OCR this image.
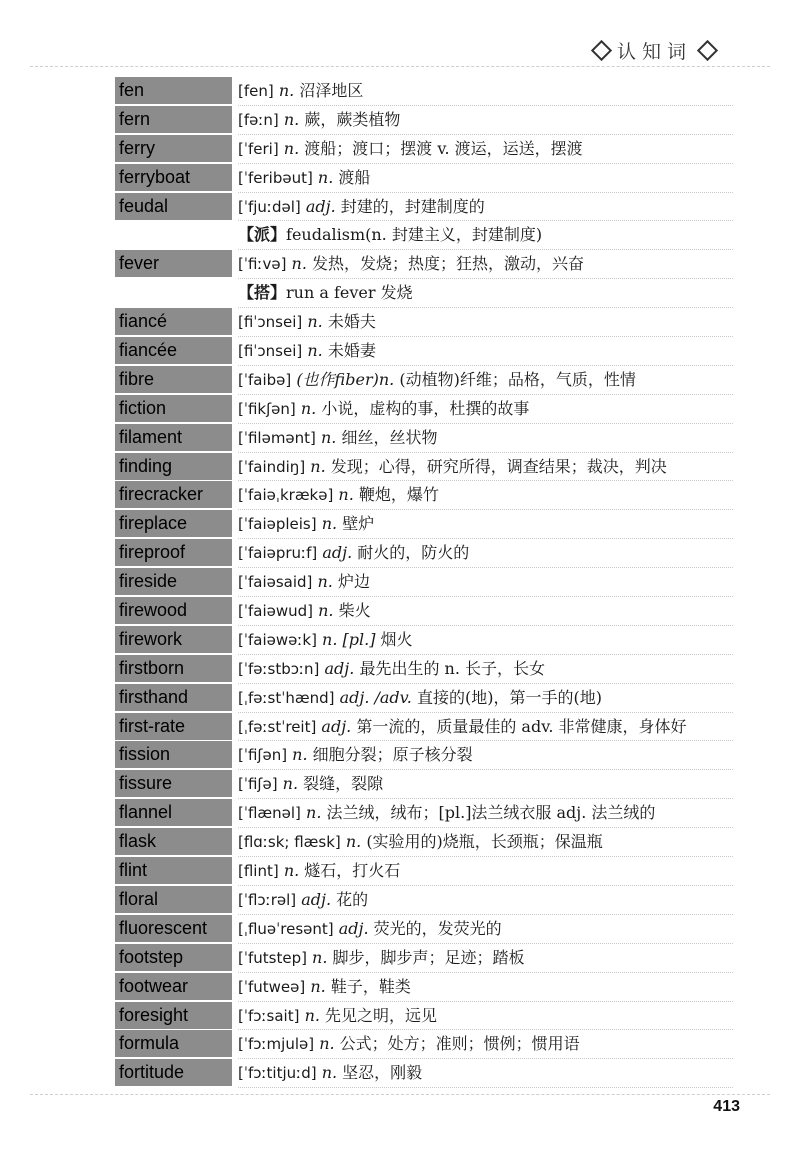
认知词
fen	[fen] n. 沼泽地区
fern	[fəːn] n. 蕨，蕨类植物
ferry	[ˈferi] n. 渡船；渡口；摆渡 v. 渡运，运送，摆渡
ferryboat	[ˈferibəut] n. 渡船
feudal	[ˈfjuːdəl] adj. 封建的，封建制度的
【派】feudalism(n. 封建主义，封建制度)
fever	[ˈfiːvə] n. 发热，发烧；热度；狂热，激动，兴奋
【搭】run a fever 发烧
fiancé	[fiˈɔnsei] n. 未婚夫
fiancée	[fiˈɔnsei] n. 未婚妻
fibre	[ˈfaibə] (也作fiber)n. (动植物)纤维；品格，气质，性情
fiction	[ˈfikʃən] n. 小说，虚构的事，杜撰的故事
filament	[ˈfiləmənt] n. 细丝，丝状物
finding	[ˈfaindiŋ] n. 发现；心得，研究所得，调查结果；裁决，判决
firecracker	[ˈfaiəˌkrækə] n. 鞭炮，爆竹
fireplace	[ˈfaiəpleis] n. 壁炉
fireproof	[ˈfaiəpruːf] adj. 耐火的，防火的
fireside	[ˈfaiəsaid] n. 炉边
firewood	[ˈfaiəwud] n. 柴火
firework	[ˈfaiəwəːk] n. [pl.] 烟火
firstborn	[ˈfəːstbɔːn] adj. 最先出生的 n. 长子，长女
firsthand	[ˌfəːstˈhænd] adj. /adv. 直接的(地)，第一手的(地)
first-rate	[ˌfəːstˈreit] adj. 第一流的，质量最佳的 adv. 非常健康，身体好
fission	[ˈfiʃən] n. 细胞分裂；原子核分裂
fissure	[ˈfiʃə] n. 裂缝，裂隙
flannel	[ˈflænəl] n. 法兰绒，绒布；[pl.]法兰绒衣服 adj. 法兰绒的
flask	[flɑːsk; flæsk] n. (实验用的)烧瓶，长颈瓶；保温瓶
flint	[flint] n. 燧石，打火石
floral	[ˈflɔːrəl] adj. 花的
fluorescent	[ˌfluəˈresənt] adj. 荧光的，发荧光的
footstep	[ˈfutstep] n. 脚步，脚步声；足迹；踏板
footwear	[ˈfutweə] n. 鞋子，鞋类
foresight	[ˈfɔːsait] n. 先见之明，远见
formula	[ˈfɔːmjulə] n. 公式；处方；准则；惯例；惯用语
fortitude	[ˈfɔːtitjuːd] n. 坚忍，刚毅
413
